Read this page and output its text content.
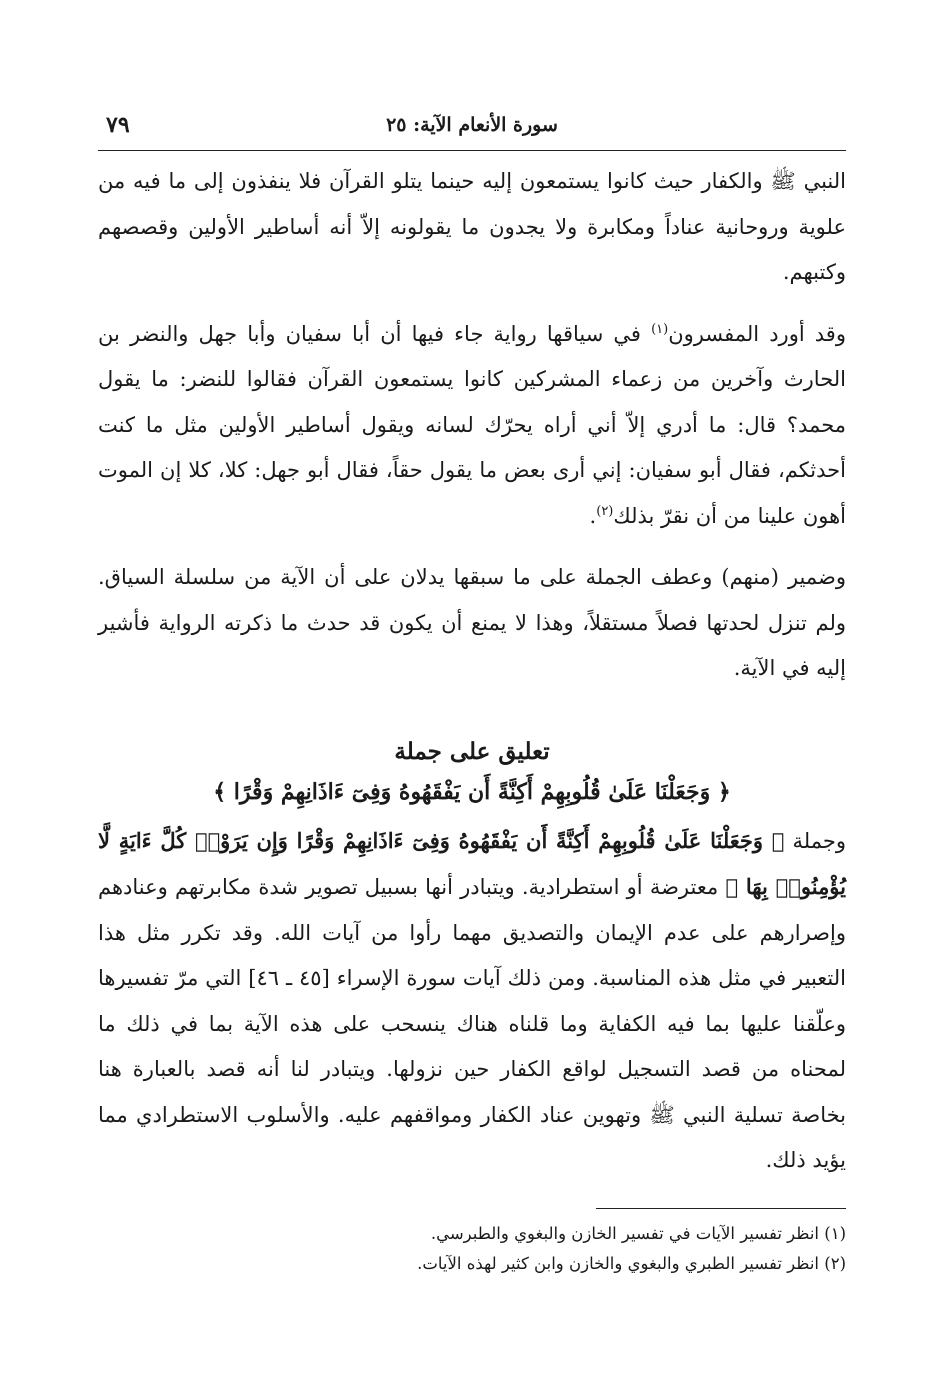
سورة الأنعام الآية: ٢٥
٧٩

النبي ﷺ والكفار حيث كانوا يستمعون إليه حينما يتلو القرآن فلا ينفذون إلى ما فيه من علوية وروحانية عناداً ومكابرة ولا يجدون ما يقولونه إلاّ أنه أساطير الأولين وقصصهم وكتبهم.

وقد أورد المفسرون$^{(١)}$ في سياقها رواية جاء فيها أن أبا سفيان وأبا جهل والنضر بن الحارث وآخرين من زعماء المشركين كانوا يستمعون القرآن فقالوا للنضر: ما يقول محمد؟ قال: ما أدري إلاّ أني أراه يحرّك لسانه ويقول أساطير الأولين مثل ما كنت أحدثكم، فقال أبو سفيان: إني أرى بعض ما يقول حقاً، فقال أبو جهل: كلا، كلا إن الموت أهون علينا من أن نقرّ بذلك$^{(٢)}$.

وضمير (منهم) وعطف الجملة على ما سبقها يدلان على أن الآية من سلسلة السياق. ولم تنزل لحدتها فصلاً مستقلاً، وهذا لا يمنع أن يكون قد حدث ما ذكرته الرواية فأشير إليه في الآية.

تعليق على جملة
﴿ وَجَعَلْنَا عَلَىٰ قُلُوبِهِمْ أَكِنَّةً أَن يَفْقَهُوهُ وَفِىٓ ءَاذَانِهِمْ وَقْرًا ﴾

وجملة ﴿ وَجَعَلْنَا عَلَىٰ قُلُوبِهِمْ أَكِنَّةً أَن يَفْقَهُوهُ وَفِىٓ ءَاذَانِهِمْ وَقْرًا وَإِن يَرَوْا۟ كُلَّ ءَايَةٍ لَّا يُؤْمِنُوا۟ بِهَا ﴾ معترضة أو استطرادية. ويتبادر أنها بسبيل تصوير شدة مكابرتهم وعنادهم وإصرارهم على عدم الإيمان والتصديق مهما رأوا من آيات الله. وقد تكرر مثل هذا التعبير في مثل هذه المناسبة. ومن ذلك آيات سورة الإسراء [٤٥ ـ ٤٦] التي مرّ تفسيرها وعلّقنا عليها بما فيه الكفاية وما قلناه هناك ينسحب على هذه الآية بما في ذلك ما لمحناه من قصد التسجيل لواقع الكفار حين نزولها. ويتبادر لنا أنه قصد بالعبارة هنا بخاصة تسلية النبي ﷺ وتهوين عناد الكفار ومواقفهم عليه. والأسلوب الاستطرادي مما يؤيد ذلك.

(١) انظر تفسير الآيات في تفسير الخازن والبغوي والطبرسي.
(٢) انظر تفسير الطبري والبغوي والخازن وابن كثير لهذه الآيات.
